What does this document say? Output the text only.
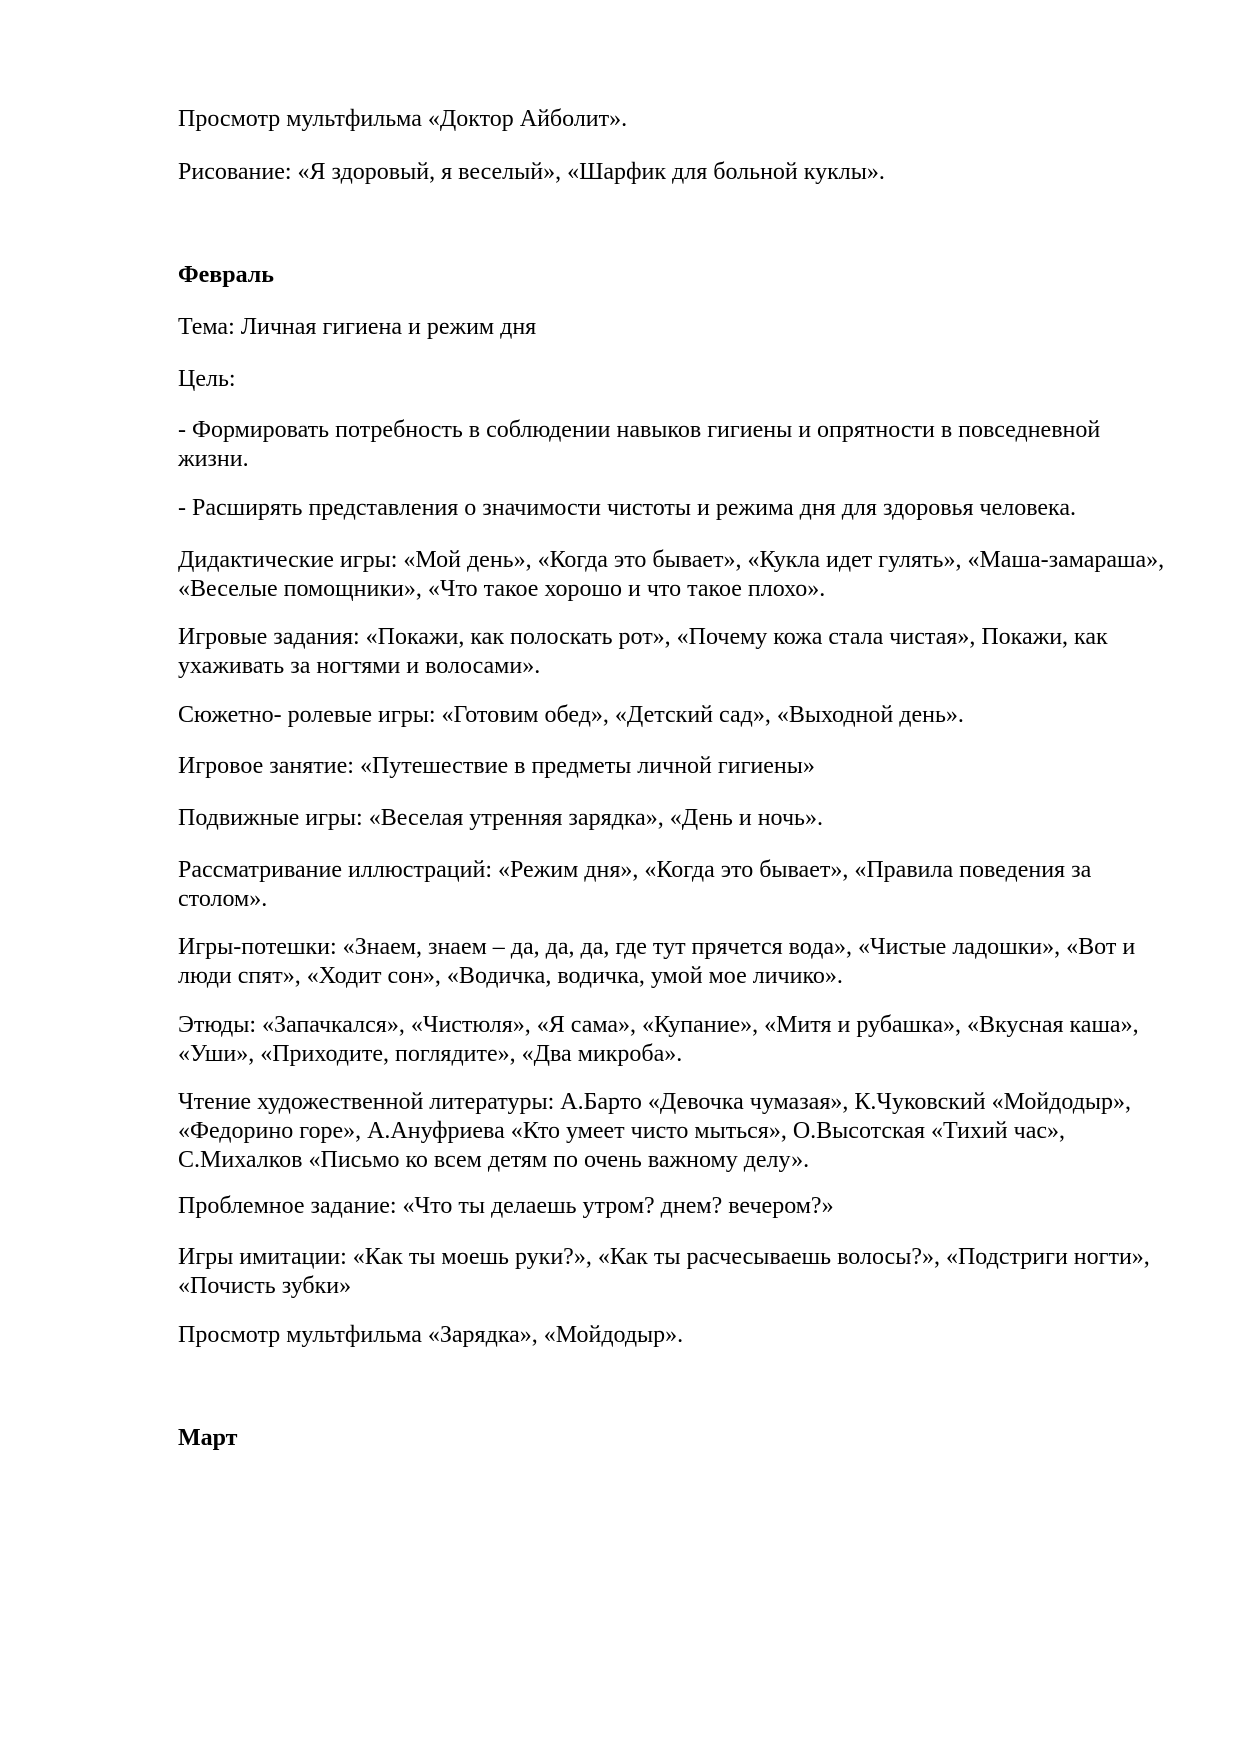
Просмотр мультфильма «Доктор Айболит».

Рисование: «Я здоровый, я веселый», «Шарфик для больной куклы».

Февраль

Тема: Личная гигиена и режим дня

Цель:

- Формировать потребность в соблюдении навыков гигиены и опрятности в повседневной жизни.

- Расширять представления о значимости чистоты и режима дня для здоровья человека.

Дидактические игры: «Мой день», «Когда это бывает», «Кукла идет гулять», «Маша-замараша», «Веселые помощники», «Что такое хорошо и что такое плохо».

Игровые задания: «Покажи, как полоскать рот», «Почему кожа стала чистая», Покажи, как ухаживать за ногтями и волосами».

Сюжетно- ролевые игры: «Готовим обед», «Детский сад», «Выходной день».

Игровое занятие: «Путешествие в предметы личной гигиены»

Подвижные игры: «Веселая утренняя зарядка», «День и ночь».

Рассматривание иллюстраций: «Режим дня», «Когда это бывает», «Правила поведения за столом».

Игры-потешки: «Знаем, знаем – да, да, да, где тут прячется вода», «Чистые ладошки», «Вот и люди спят», «Ходит сон», «Водичка, водичка, умой мое личико».

Этюды: «Запачкался», «Чистюля», «Я сама», «Купание», «Митя и рубашка», «Вкусная каша», «Уши», «Приходите, поглядите», «Два микроба».

Чтение художественной литературы: А.Барто «Девочка чумазая», К.Чуковский «Мойдодыр», «Федорино горе», А.Ануфриева «Кто умеет чисто мыться», О.Высотская «Тихий час», С.Михалков «Письмо ко всем детям по очень важному делу».

Проблемное задание: «Что ты делаешь утром? днем? вечером?»

Игры имитации: «Как ты моешь руки?», «Как ты расчесываешь волосы?», «Подстриги ногти», «Почисть зубки»

Просмотр мультфильма «Зарядка», «Мойдодыр».

Март
